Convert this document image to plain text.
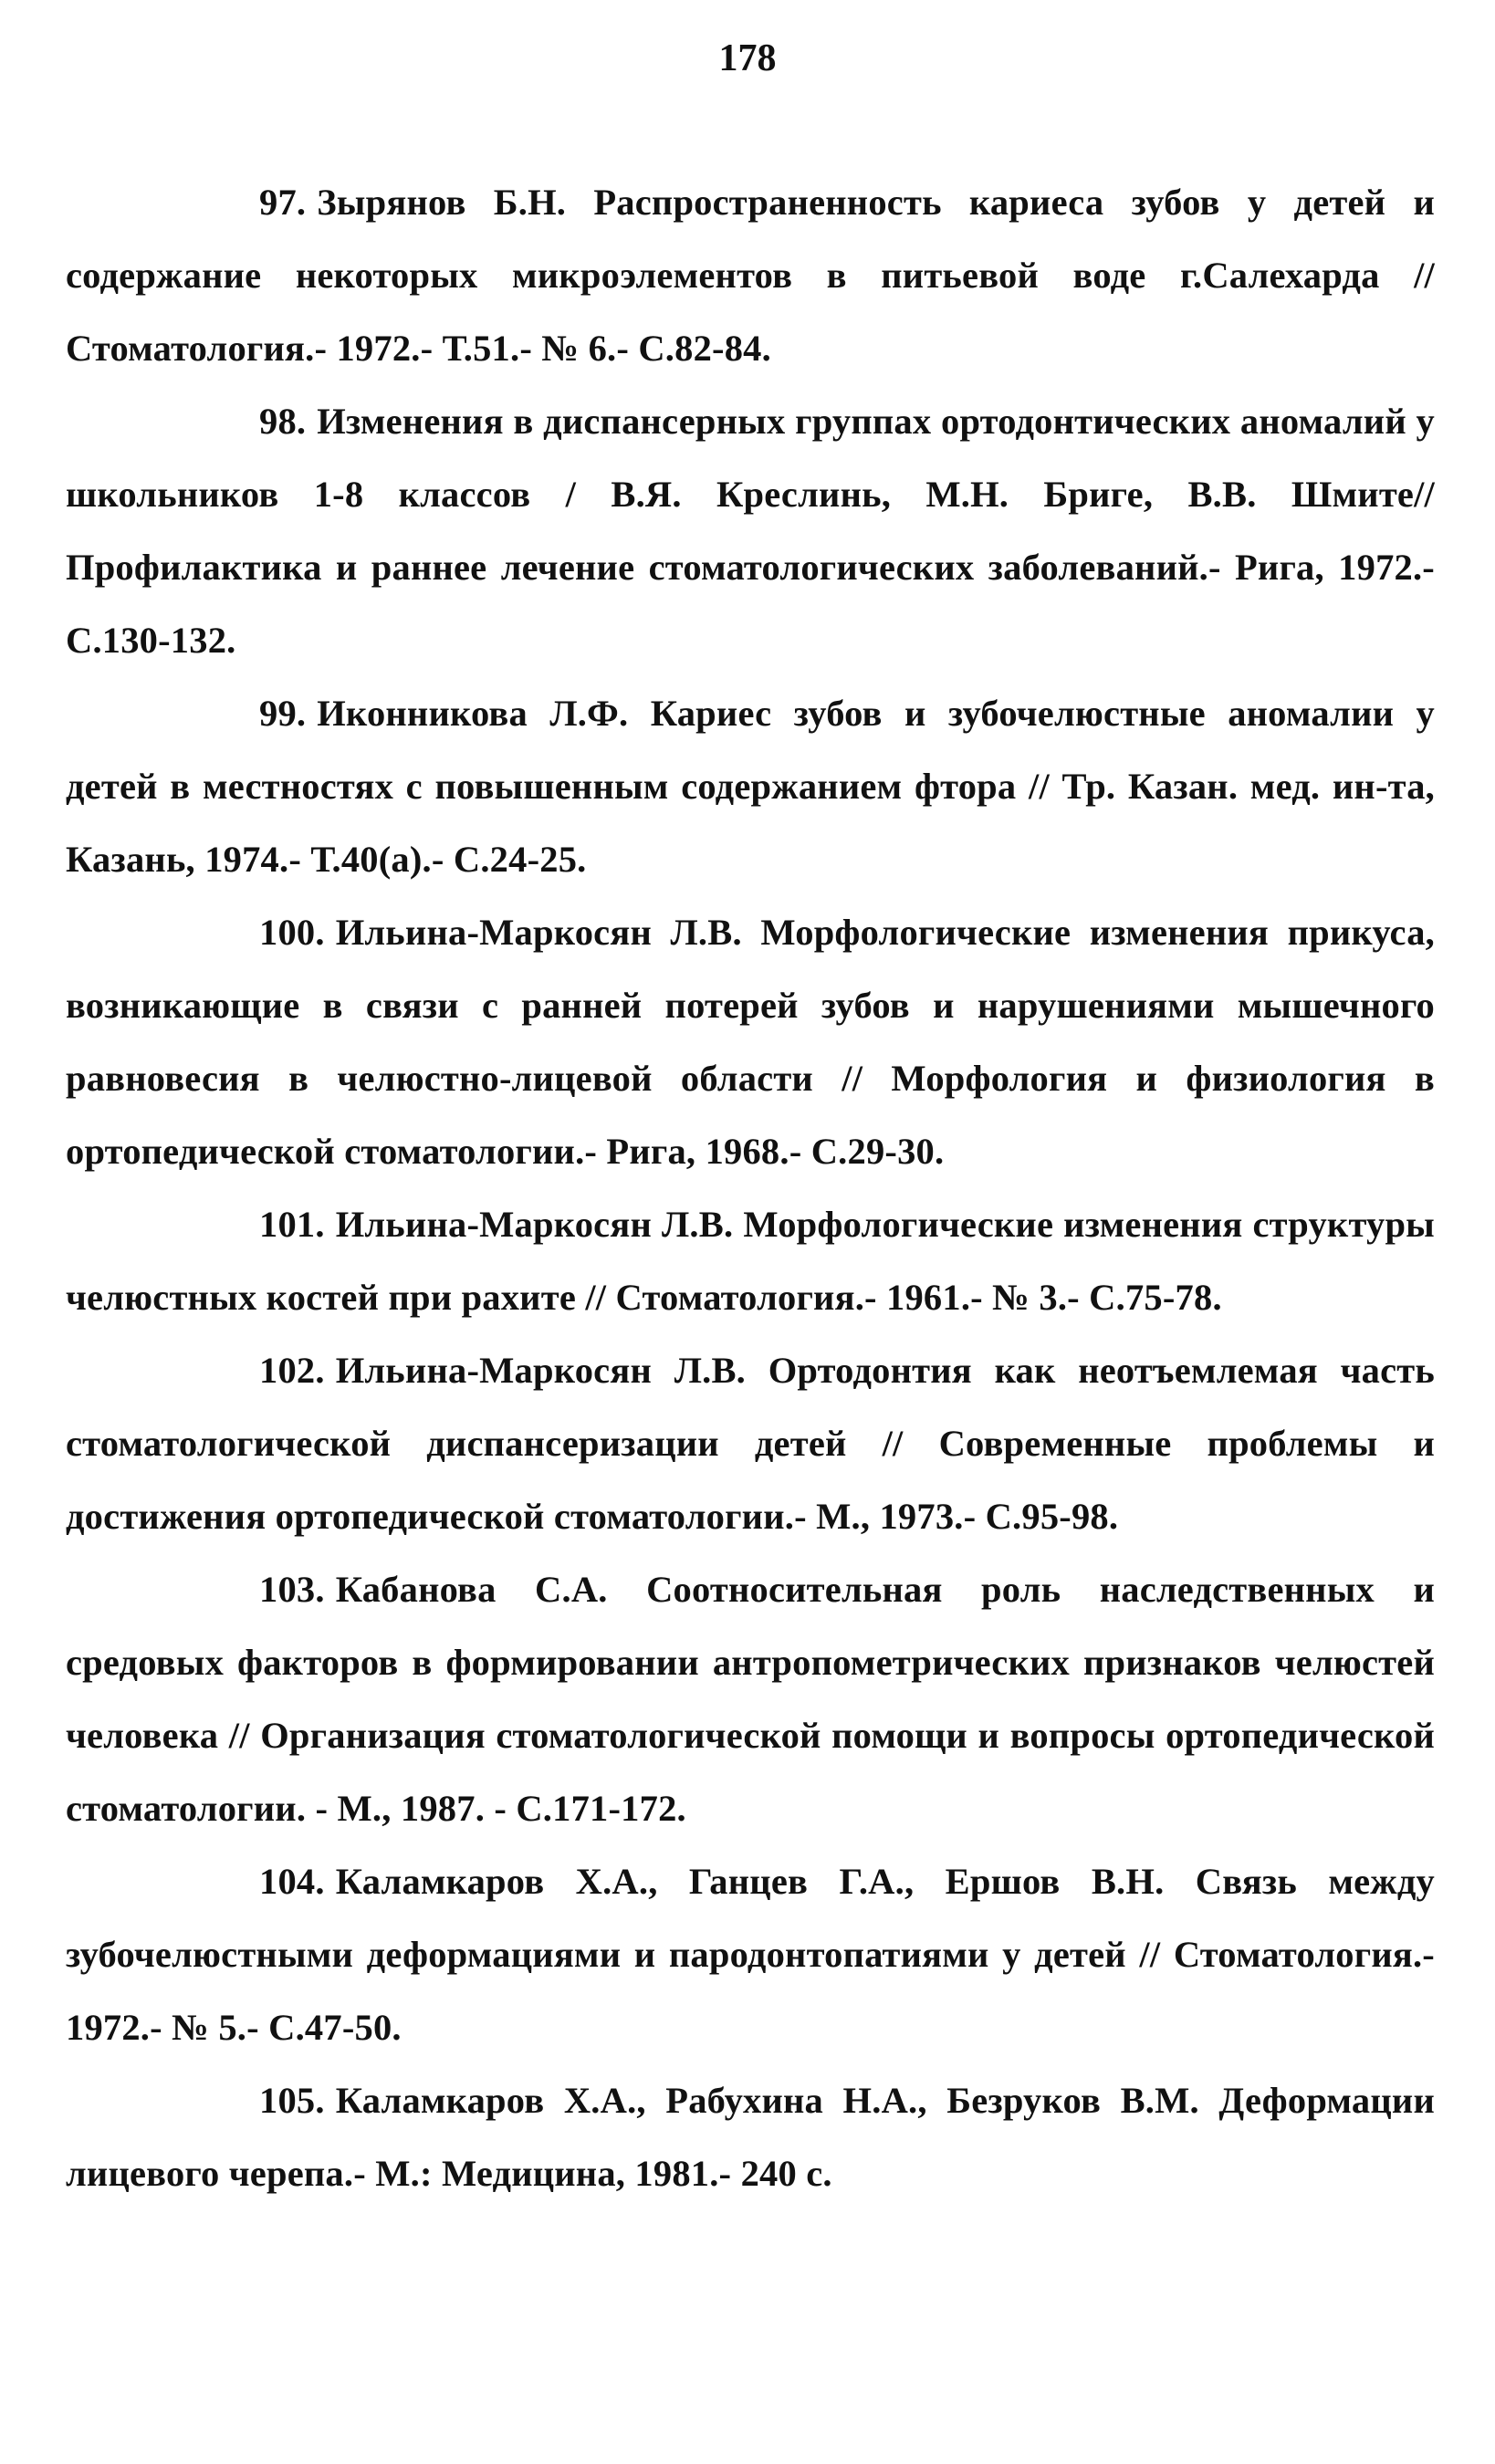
178

97. Зырянов Б.Н. Распространенность кариеса зубов у детей и содержание некоторых микроэлементов в питьевой воде г.Салехарда // Стоматология.- 1972.- Т.51.- № 6.- С.82-84.

98. Изменения в диспансерных группах ортодонтических аномалий у школьников 1-8 классов / В.Я. Креслинь, М.Н. Бриге, В.В. Шмите// Профилактика и раннее лечение стоматологических заболеваний.- Рига, 1972.- С.130-132.

99. Иконникова Л.Ф. Кариес зубов и зубочелюстные аномалии у детей в местностях с повышенным содержанием фтора // Тр. Казан. мед. ин-та, Казань, 1974.- Т.40(а).- С.24-25.

100. Ильина-Маркосян Л.В. Морфологические изменения прикуса, возникающие в связи с ранней потерей зубов и нарушениями мышечного равновесия в челюстно-лицевой области // Морфология и физиология в ортопедической стоматологии.- Рига, 1968.- С.29-30.

101. Ильина-Маркосян Л.В. Морфологические изменения структуры челюстных костей при рахите // Стоматология.- 1961.- № 3.- С.75-78.

102. Ильина-Маркосян Л.В. Ортодонтия как неотъемлемая часть стоматологической диспансеризации детей // Современные проблемы и достижения ортопедической стоматологии.- М., 1973.- С.95-98.

103. Кабанова С.А. Соотносительная роль наследственных и средовых факторов в формировании антропометрических признаков челюстей человека // Организация стоматологической помощи и вопросы ортопедической стоматологии. - М., 1987. - С.171-172.

104. Каламкаров Х.А., Ганцев Г.А., Ершов В.Н. Связь между зубочелюстными деформациями и пародонтопатиями у детей // Стоматология.- 1972.- № 5.- С.47-50.

105. Каламкаров Х.А., Рабухина Н.А., Безруков В.М. Деформации лицевого черепа.- М.: Медицина, 1981.- 240 с.
